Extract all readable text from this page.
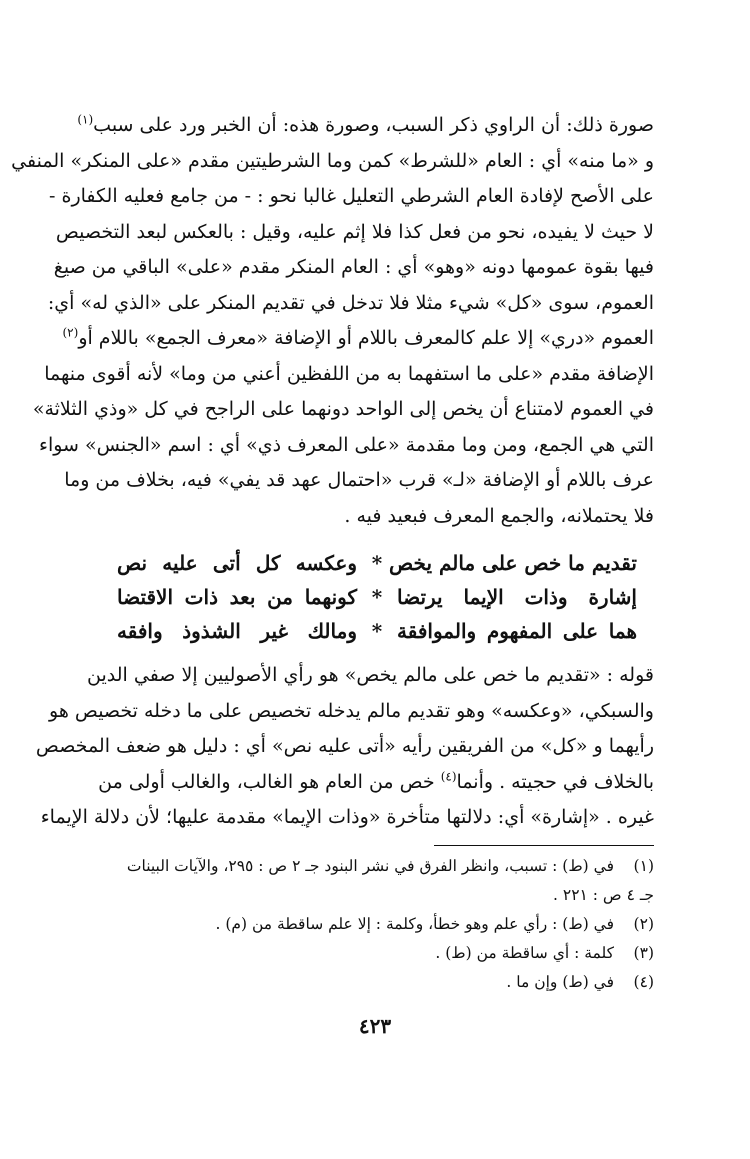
صورة ذلك: أن الراوي ذكر السبب، وصورة هذه: أن الخبر ورد على سبب$^{(١)}$
و «ما منه» أي : العام «للشرط» كمن وما الشرطيتين مقدم «على المنكر» المنفي
على الأصح لإفادة العام الشرطي التعليل غالبا نحو : - من جامع فعليه الكفارة -
لا حيث لا يفيده، نحو من فعل كذا فلا إثم عليه، وقيل : بالعكس لبعد التخصيص
فيها بقوة عمومها دونه «وهو» أي : العام المنكر مقدم «على» الباقي من صيغ
العموم، سوى «كل» شيء مثلا فلا تدخل في تقديم المنكر على «الذي له» أي:
العموم «دري» إلا علم كالمعرف باللام أو الإضافة «معرف الجمع» باللام أو$^{(٢)}$
الإضافة مقدم «على ما استفهما به من اللفظين أعني من وما» لأنه أقوى منهما
في العموم لامتناع أن يخص إلى الواحد دونهما على الراجح في كل «وذي الثلاثة»
التي هي الجمع، ومن وما مقدمة «على المعرف ذي» أي : اسم «الجنس» سواء
عرف باللام أو الإضافة «لـ» قرب «احتمال عهد قد يفي» فيه، بخلاف من وما
فلا يحتملانه، والجمع المعرف فبعيد فيه .
تقديم ما خص على مالم يخص
*
وعكسه كل أتى عليه نص
إشارة وذات الإيما يرتضا
*
كونهما من بعد ذات الاقتضا
هما على المفهوم والموافقة
*
ومالك غير الشذوذ وافقه
قوله : «تقديم ما خص على مالم يخص» هو رأي الأصوليين إلا صفي الدين
والسبكي، «وعكسه» وهو تقديم مالم يدخله تخصيص على ما دخله تخصيص هو
رأيهما و «كل» من الفريقين رأيه «أتى عليه نص» أي : دليل هو ضعف المخصص
بالخلاف في حجيته . وأنما$^{(٤)}$ خص من العام هو الغالب، والغالب أولى من
غيره . «إشارة» أي: دلالتها متأخرة «وذات الإيما» مقدمة عليها؛ لأن دلالة الإيماء
(١)
في (ط) : تسبب، وانظر الفرق في نشر البنود جـ ٢ ص : ٢٩٥، والآيات البينات
جـ ٤ ص : ٢٢١ .
(٢)
في (ط) : رأي علم وهو خطأ، وكلمة : إلا علم ساقطة من (م) .
(٣)
كلمة : أي ساقطة من (ط) .
(٤)
في (ط) وإن ما .
٤٢٣
